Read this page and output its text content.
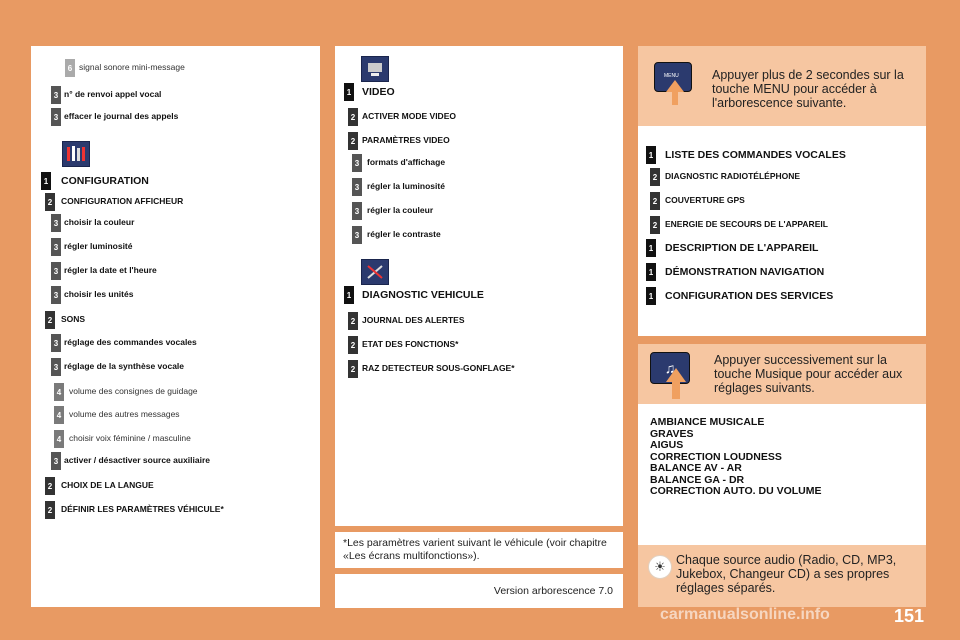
6 signal sonore mini-message
3 n° de renvoi appel vocal
3 effacer le journal des appels
1 CONFIGURATION
2	CONFIGURATION AFFICHEUR
3 choisir la couleur
3 régler luminosité
3 régler la date et l'heure
3 choisir les unités
2	SONS
3 réglage des commandes vocales
3 réglage de la synthèse vocale
4 volume des consignes de guidage
4 volume des autres messages
4 choisir voix féminine / masculine
3 activer / désactiver source auxiliaire
2	CHOIX DE LA LANGUE
2	DÉFINIR LES PARAMÈTRES VÉHICULE*
1 VIDEO
2 ACTIVER MODE VIDEO
2 PARAMÈTRES VIDEO
3 formats d'affichage
3 régler la luminosité
3 régler la couleur
3 régler le contraste
1 DIAGNOSTIC VEHICULE
2 JOURNAL DES ALERTES
2 ETAT DES FONCTIONS*
2 RAZ DETECTEUR SOUS-GONFLAGE*
*Les paramètres varient suivant le véhicule (voir chapitre «Les écrans multifonctions»).
Version arborescence 7.0
MENU	Appuyer plus de 2 secondes sur la touche MENU pour accéder à l'arborescence suivante.
1 LISTE DES COMMANDES VOCALES
2 DIAGNOSTIC RADIOTÉLÉPHONE
2 COUVERTURE GPS
2 ENERGIE DE SECOURS DE L'APPAREIL
1 DESCRIPTION DE L'APPAREIL
1 DÉMONSTRATION NAVIGATION
1 CONFIGURATION DES SERVICES
♫	Appuyer successivement sur la touche Musique pour accéder aux réglages suivants.
AMBIANCE MUSICALE
GRAVES
AIGUS
CORRECTION LOUDNESS
BALANCE AV - AR
BALANCE GA - DR
CORRECTION AUTO. DU VOLUME
☀ Chaque source audio (Radio, CD, MP3, Jukebox, Changeur CD) a ses propres réglages séparés.
carmanualsonline.info	151
